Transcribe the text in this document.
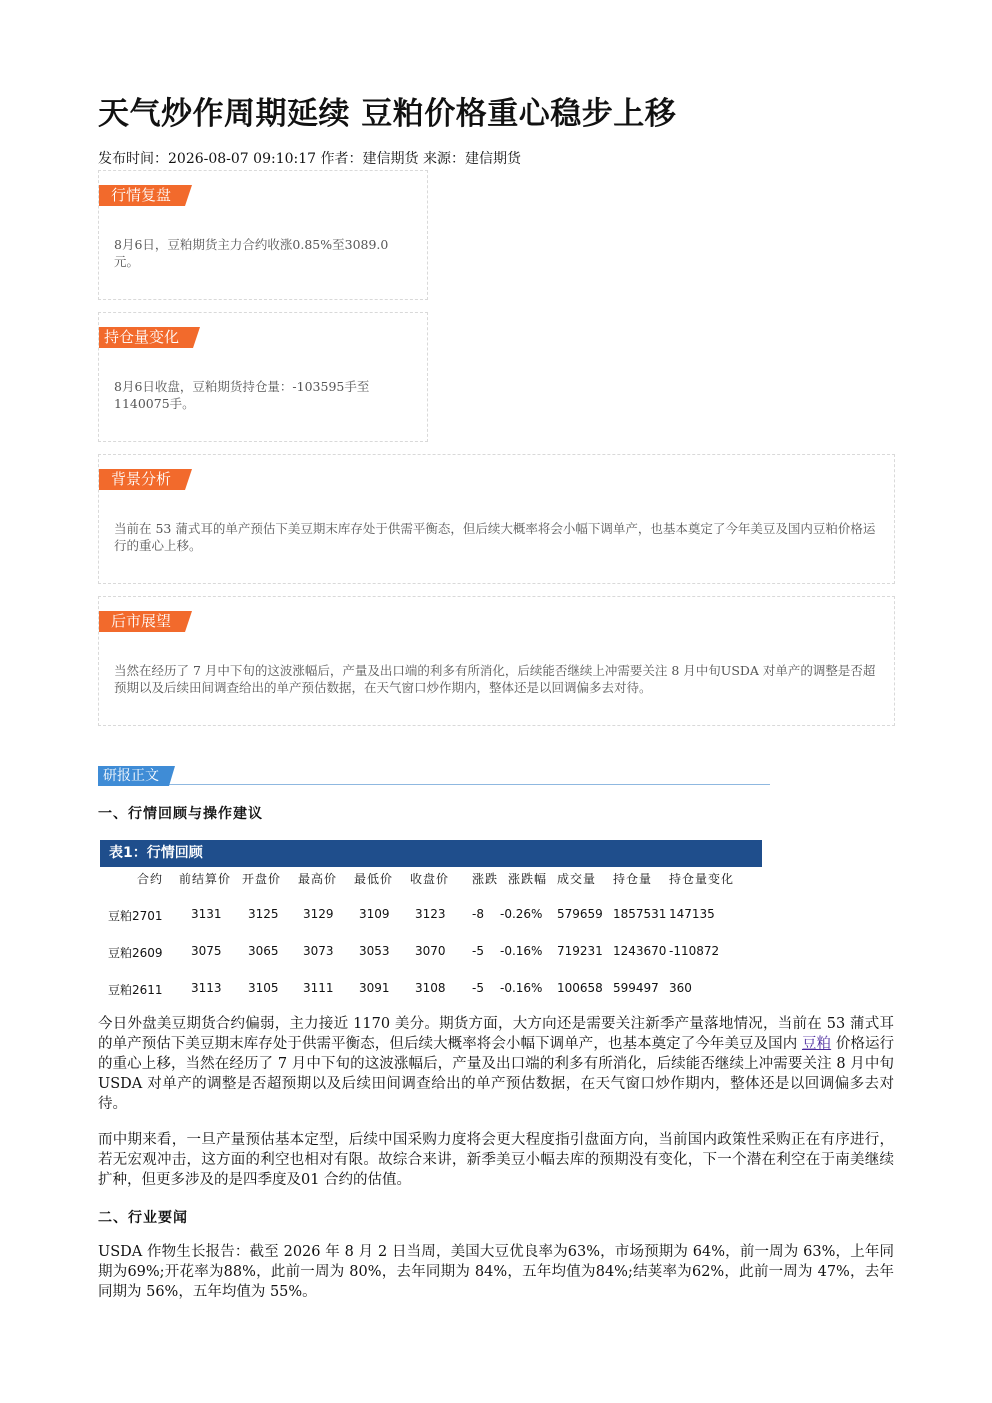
天气炒作周期延续 豆粕价格重心稳步上移
发布时间：2026-08-07 09:10:17 作者：建信期货 来源：建信期货
行情复盘
8月6日，豆粕期货主力合约收涨0.85%至3089.0元。
持仓量变化
8月6日收盘，豆粕期货持仓量：-103595手至1140075手。
背景分析
当前在 53 蒲式耳的单产预估下美豆期末库存处于供需平衡态，但后续大概率将会小幅下调单产，也基本奠定了今年美豆及国内豆粕价格运行的重心上移。
后市展望
当然在经历了 7 月中下旬的这波涨幅后，产量及出口端的利多有所消化，后续能否继续上冲需要关注 8 月中旬USDA 对单产的调整是否超预期以及后续田间调查给出的单产预估数据，在天气窗口炒作期内，整体还是以回调偏多去对待。
研报正文
一、行情回顾与操作建议
表1：行情回顾
合约 前结算价 开盘价 最高价 最低价 收盘价 涨跌 涨跌幅 成交量 持仓量 持仓量变化
豆粕2701 3131 3125 3129 3109 3123 -8 -0.26% 579659 1857531 147135
豆粕2609 3075 3065 3073 3053 3070 -5 -0.16% 719231 1243670 -110872
豆粕2611 3113 3105 3111 3091 3108 -5 -0.16% 100658 599497 360
今日外盘美豆期货合约偏弱，主力接近 1170 美分。期货方面，大方向还是需要关注新季产量落地情况，当前在 53 蒲式耳的单产预估下美豆期末库存处于供需平衡态，但后续大概率将会小幅下调单产，也基本奠定了今年美豆及国内 豆粕 价格运行的重心上移，当然在经历了 7 月中下旬的这波涨幅后，产量及出口端的利多有所消化，后续能否继续上冲需要关注 8 月中旬USDA 对单产的调整是否超预期以及后续田间调查给出的单产预估数据，在天气窗口炒作期内，整体还是以回调偏多去对待。
而中期来看，一旦产量预估基本定型，后续中国采购力度将会更大程度指引盘面方向，当前国内政策性采购正在有序进行，若无宏观冲击，这方面的利空也相对有限。故综合来讲，新季美豆小幅去库的预期没有变化，下一个潜在利空在于南美继续扩种，但更多涉及的是四季度及01 合约的估值。
二、行业要闻
USDA 作物生长报告：截至 2026 年 8 月 2 日当周，美国大豆优良率为63%，市场预期为 64%，前一周为 63%，上年同期为69%;开花率为88%，此前一周为 80%，去年同期为 84%，五年均值为84%;结荚率为62%，此前一周为 47%，去年同期为 56%，五年均值为 55%。
